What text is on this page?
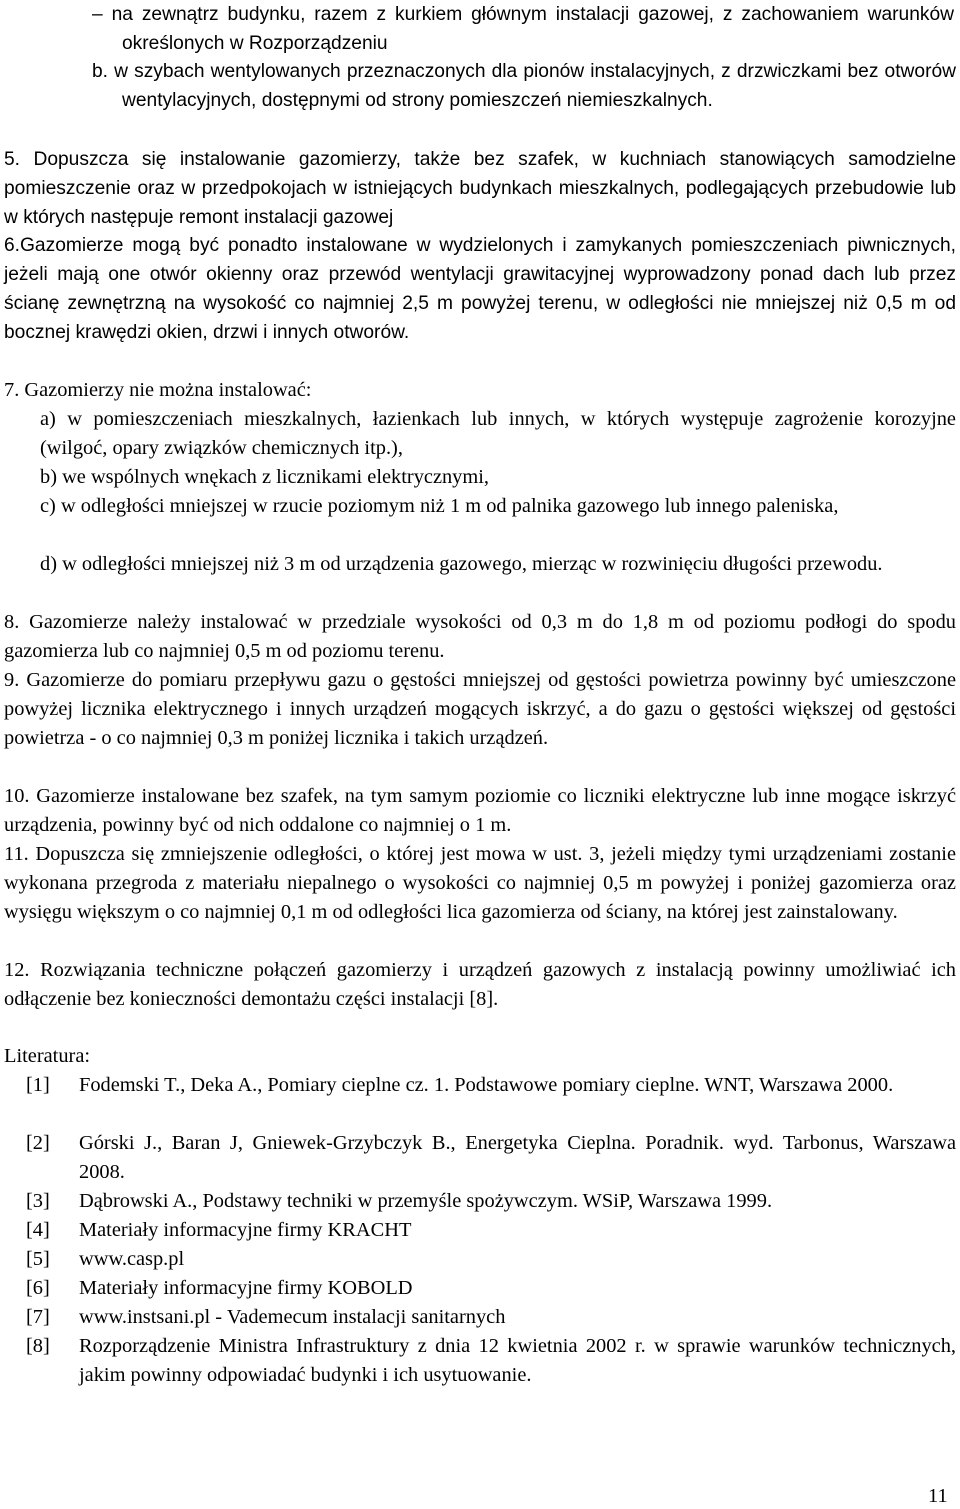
– na zewnątrz budynku, razem z kurkiem głównym instalacji gazowej, z zachowaniem warunków określonych w Rozporządzeniu

b. w szybach wentylowanych przeznaczonych dla pionów instalacyjnych, z drzwiczkami bez otworów wentylacyjnych, dostępnymi od strony pomieszczeń niemieszkalnych.

5. Dopuszcza się instalowanie gazomierzy, także bez szafek, w kuchniach stanowiących samodzielne pomieszczenie oraz w przedpokojach w istniejących budynkach mieszkalnych, podlegających przebudowie lub w których następuje remont instalacji gazowej

6.Gazomierze mogą być ponadto instalowane w wydzielonych i zamykanych pomieszczeniach piwnicznych, jeżeli mają one otwór okienny oraz przewód wentylacji grawitacyjnej wyprowadzony ponad dach lub przez ścianę zewnętrzną na wysokość co najmniej 2,5 m powyżej terenu, w odległości nie mniejszej niż 0,5 m od bocznej krawędzi okien, drzwi i innych otworów.

7. Gazomierzy nie można instalować:

a) w pomieszczeniach mieszkalnych, łazienkach lub innych, w których występuje zagrożenie korozyjne (wilgoć, opary związków chemicznych itp.),

b) we wspólnych wnękach z licznikami elektrycznymi,

c) w odległości mniejszej w rzucie poziomym niż 1 m od palnika gazowego lub innego paleniska,

d) w odległości mniejszej niż 3 m od urządzenia gazowego, mierząc w rozwinięciu długości przewodu.

8. Gazomierze należy instalować w przedziale wysokości od 0,3 m do 1,8 m od poziomu podłogi do spodu gazomierza lub co najmniej 0,5 m od poziomu terenu.

9. Gazomierze do pomiaru przepływu gazu o gęstości mniejszej od gęstości powietrza powinny być umieszczone powyżej licznika elektrycznego i innych urządzeń mogących iskrzyć, a do gazu o gęstości większej od gęstości powietrza - o co najmniej 0,3 m poniżej licznika i takich urządzeń.

10. Gazomierze instalowane bez szafek, na tym samym poziomie co liczniki elektryczne lub inne mogące iskrzyć urządzenia, powinny być od nich oddalone co najmniej o 1 m.

11. Dopuszcza się zmniejszenie odległości, o której jest mowa w ust. 3, jeżeli między tymi urządzeniami zostanie wykonana przegroda z materiału niepalnego o wysokości co najmniej 0,5 m powyżej i poniżej gazomierza oraz wysięgu większym o co najmniej 0,1 m od odległości lica gazomierza od ściany, na której jest zainstalowany.

12. Rozwiązania techniczne połączeń gazomierzy i urządzeń gazowych z instalacją powinny umożliwiać ich odłączenie bez konieczności demontażu części instalacji [8].

Literatura:

[1] Fodemski T., Deka A., Pomiary cieplne cz. 1. Podstawowe pomiary cieplne. WNT, Warszawa 2000.
[2] Górski J., Baran J, Gniewek-Grzybczyk B., Energetyka Cieplna. Poradnik. wyd. Tarbonus, Warszawa 2008.
[3] Dąbrowski A., Podstawy techniki w przemyśle spożywczym. WSiP, Warszawa 1999.
[4] Materiały informacyjne firmy KRACHT
[5] www.casp.pl
[6] Materiały informacyjne firmy KOBOLD
[7] www.instsani.pl - Vademecum instalacji sanitarnych
[8] Rozporządzenie Ministra Infrastruktury z dnia 12 kwietnia 2002 r. w sprawie warunków technicznych, jakim powinny odpowiadać budynki i ich usytuowanie.
11
